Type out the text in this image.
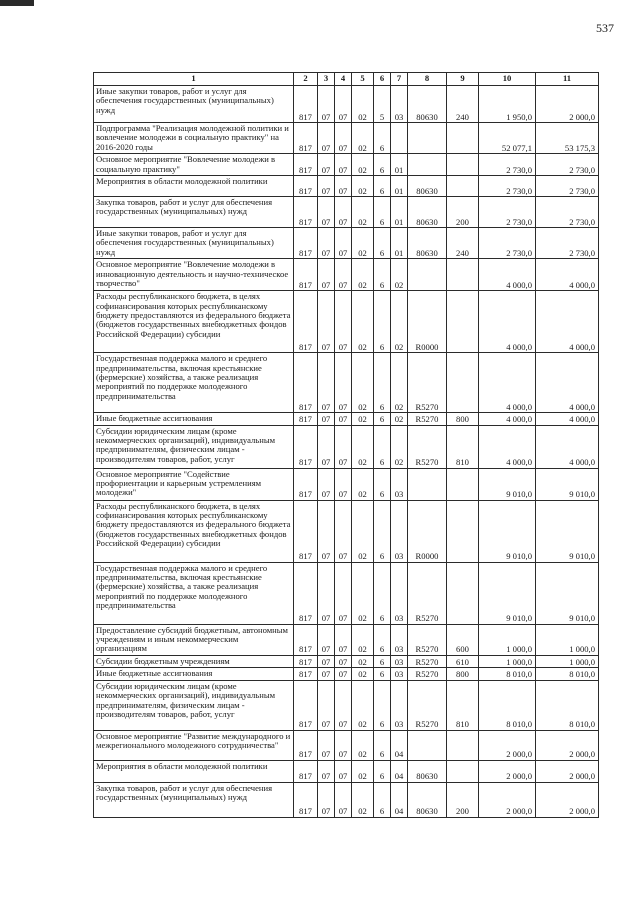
537
1	2	3	4	5	6	7	8	9	10	11
Иные закупки товаров, работ и услуг для обеспечения государственных (муниципальных) нужд	817	07	07	02	5	03	80630	240	1 950,0	2 000,0
Подпрограмма "Реализация молодежной политики и вовлечение молодежи в социальную практику" на 2016-2020 годы	817	07	07	02	6				52 077,1	53 175,3
Основное мероприятие "Вовлечение молодежи в социальную практику"	817	07	07	02	6	01			2 730,0	2 730,0
Мероприятия в области молодежной политики	817	07	07	02	6	01	80630		2 730,0	2 730,0
Закупка товаров, работ и услуг для обеспечения государственных (муниципальных) нужд	817	07	07	02	6	01	80630	200	2 730,0	2 730,0
Иные закупки товаров, работ и услуг для обеспечения государственных (муниципальных) нужд	817	07	07	02	6	01	80630	240	2 730,0	2 730,0
Основное мероприятие "Вовлечение молодежи в инновационную деятельность и научно-техническое творчество"	817	07	07	02	6	02			4 000,0	4 000,0
Расходы республиканского бюджета, в целях софинансирования которых республиканскому бюджету предоставляются из федерального бюджета (бюджетов государственных внебюджетных фондов Российской Федерации) субсидии	817	07	07	02	6	02	R0000		4 000,0	4 000,0
Государственная поддержка малого и среднего предпринимательства, включая крестьянские (фермерские) хозяйства, а также реализация мероприятий по поддержке молодежного предпринимательства	817	07	07	02	6	02	R5270		4 000,0	4 000,0
Иные бюджетные ассигнования	817	07	07	02	6	02	R5270	800	4 000,0	4 000,0
Субсидии юридическим лицам (кроме некоммерческих организаций), индивидуальным предпринимателям, физическим лицам - производителям товаров, работ, услуг	817	07	07	02	6	02	R5270	810	4 000,0	4 000,0
Основное мероприятие "Содействие профориентации и карьерным устремлениям молодежи"	817	07	07	02	6	03			9 010,0	9 010,0
Расходы республиканского бюджета, в целях софинансирования которых республиканскому бюджету предоставляются из федерального бюджета (бюджетов государственных внебюджетных фондов Российской Федерации) субсидии	817	07	07	02	6	03	R0000		9 010,0	9 010,0
Государственная поддержка малого и среднего предпринимательства, включая крестьянские (фермерские) хозяйства, а также реализация мероприятий по поддержке молодежного предпринимательства	817	07	07	02	6	03	R5270		9 010,0	9 010,0
Предоставление субсидий бюджетным, автономным учреждениям и иным некоммерческим организациям	817	07	07	02	6	03	R5270	600	1 000,0	1 000,0
Субсидии бюджетным учреждениям	817	07	07	02	6	03	R5270	610	1 000,0	1 000,0
Иные бюджетные ассигнования	817	07	07	02	6	03	R5270	800	8 010,0	8 010,0
Субсидии юридическим лицам (кроме некоммерческих организаций), индивидуальным предпринимателям, физическим лицам - производителям товаров, работ, услуг	817	07	07	02	6	03	R5270	810	8 010,0	8 010,0
Основное мероприятие "Развитие международного и межрегионального молодежного сотрудничества"	817	07	07	02	6	04			2 000,0	2 000,0
Мероприятия в области молодежной политики	817	07	07	02	6	04	80630		2 000,0	2 000,0
Закупка товаров, работ и услуг для обеспечения государственных (муниципальных) нужд	817	07	07	02	6	04	80630	200	2 000,0	2 000,0
